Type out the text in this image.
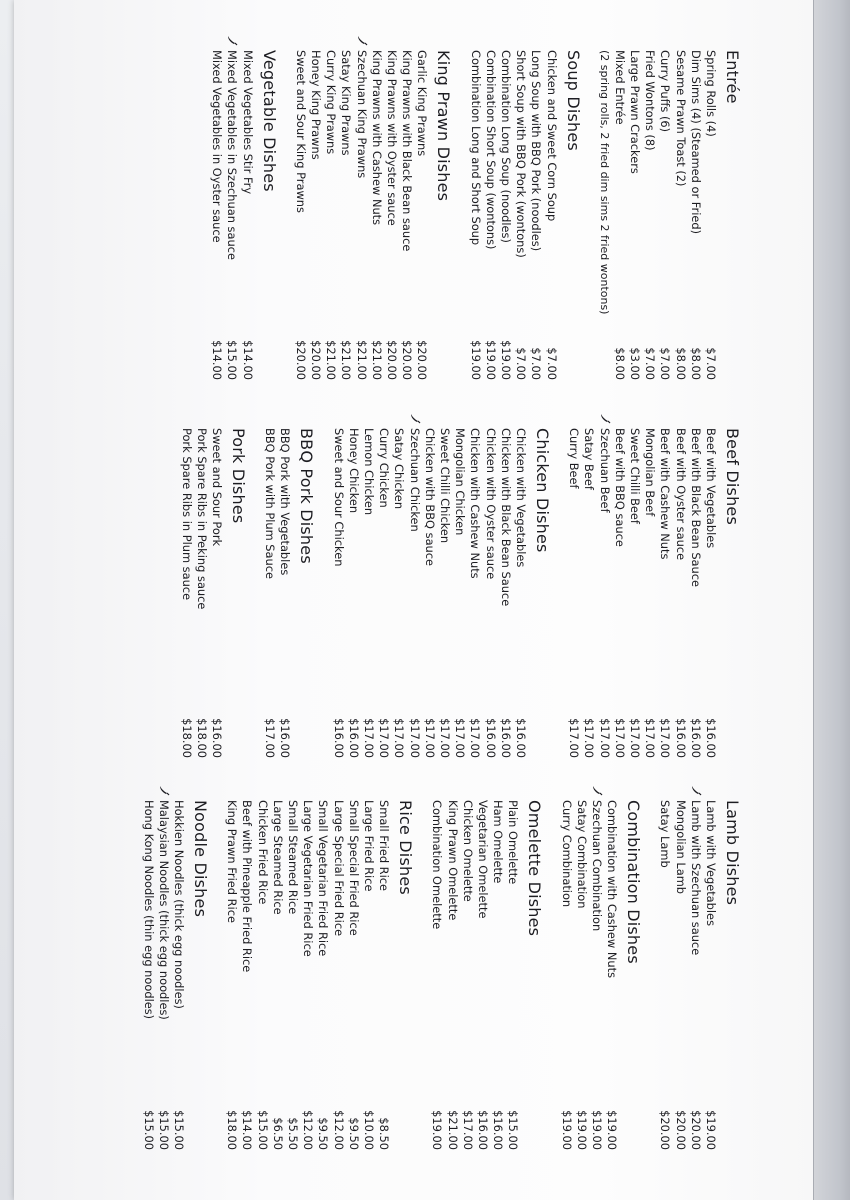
Entrée
Spring Rolls (4)
$7.00
Dim Sims (4) (Steamed or Fried)
$8.00
Sesame Prawn Toast (2)
$8.00
Curry Puffs (6)
$7.00
Fried Wontons (8)
$7.00
Large Prawn Crackers
$3.00
Mixed Entrée
$8.00
(2 spring rolls, 2 fried dim sims 2 fried wontons)
Soup Dishes
Chicken and Sweet Corn Soup
$7.00
Long Soup with BBQ Pork (noodles)
$7.00
Short Soup with BBQ Pork (wontons)
$7.00
Combination Long Soup (noodles)
$19.00
Combination Short Soup (wontons)
$19.00
Combination Long and Short Soup
$19.00
King Prawn Dishes
Garlic King Prawns
$20.00
King Prawns with Black Bean sauce
$20.00
King Prawns with Oyster sauce
$20.00
King Prawns with Cashew Nuts
$21.00
Szechuan King Prawns
$21.00
Satay King Prawns
$21.00
Curry King Prawns
$21.00
Honey King Prawns
$20.00
Sweet and Sour King Prawns
$20.00
Vegetable Dishes
Mixed Vegetables Stir Fry
$14.00
Mixed Vegetables in Szechuan sauce
$15.00
Mixed Vegetables in Oyster sauce
$14.00
Beef Dishes
Beef with Vegetables
$16.00
Beef with Black Bean Sauce
$16.00
Beef with Oyster sauce
$16.00
Beef with Cashew Nuts
$17.00
Mongolian Beef
$17.00
Sweet Chilli Beef
$17.00
Beef with BBQ sauce
$17.00
Szechuan Beef
$17.00
Satay Beef
$17.00
Curry Beef
$17.00
Chicken Dishes
Chicken with Vegetables
$16.00
Chicken with Black Bean Sauce
$16.00
Chicken with Oyster sauce
$16.00
Chicken with Cashew Nuts
$17.00
Mongolian Chicken
$17.00
Sweet Chilli Chicken
$17.00
Chicken with BBQ sauce
$17.00
Szechuan Chicken
$17.00
Satay Chicken
$17.00
Curry Chicken
$17.00
Lemon Chicken
$17.00
Honey Chicken
$16.00
Sweet and Sour Chicken
$16.00
BBQ Pork Dishes
BBQ Pork with Vegetables
$16.00
BBQ Pork with Plum Sauce
$17.00
Pork Dishes
Sweet and Sour Pork
$16.00
Pork Spare Ribs in Peking sauce
$18.00
Pork Spare Ribs in Plum sauce
$18.00
Lamb Dishes
Lamb with Vegetables
$19.00
Lamb with Szechuan sauce
$20.00
Mongolian Lamb
$20.00
Satay Lamb
$20.00
Combination Dishes
Combination with Cashew Nuts
$19.00
Szechuan Combination
$19.00
Satay Combination
$19.00
Curry Combination
$19.00
Omelette Dishes
Plain Omelette
$15.00
Ham Omelette
$16.00
Vegetarian Omelette
$16.00
Chicken Omelette
$17.00
King Prawn Omelette
$21.00
Combination Omelette
$19.00
Rice Dishes
Small Fried Rice
$8.50
Large Fried Rice
$10.00
Small Special Fried Rice
$9.50
Large Special Fried Rice
$12.00
Small Vegetarian Fried Rice
$9.50
Large Vegetarian Fried Rice
$12.00
Small Steamed Rice
$5.50
Large Steamed Rice
$6.50
Chicken Fried Rice
$15.00
Beef with Pineapple Fried Rice
$14.00
King Prawn Fried Rice
$18.00
Noodle Dishes
Hokkien Noodles (thick egg noodles)
$15.00
Malaysian Noodles (thick egg noodles)
$15.00
Hong Kong Noodles (thin egg noodles)
$15.00
